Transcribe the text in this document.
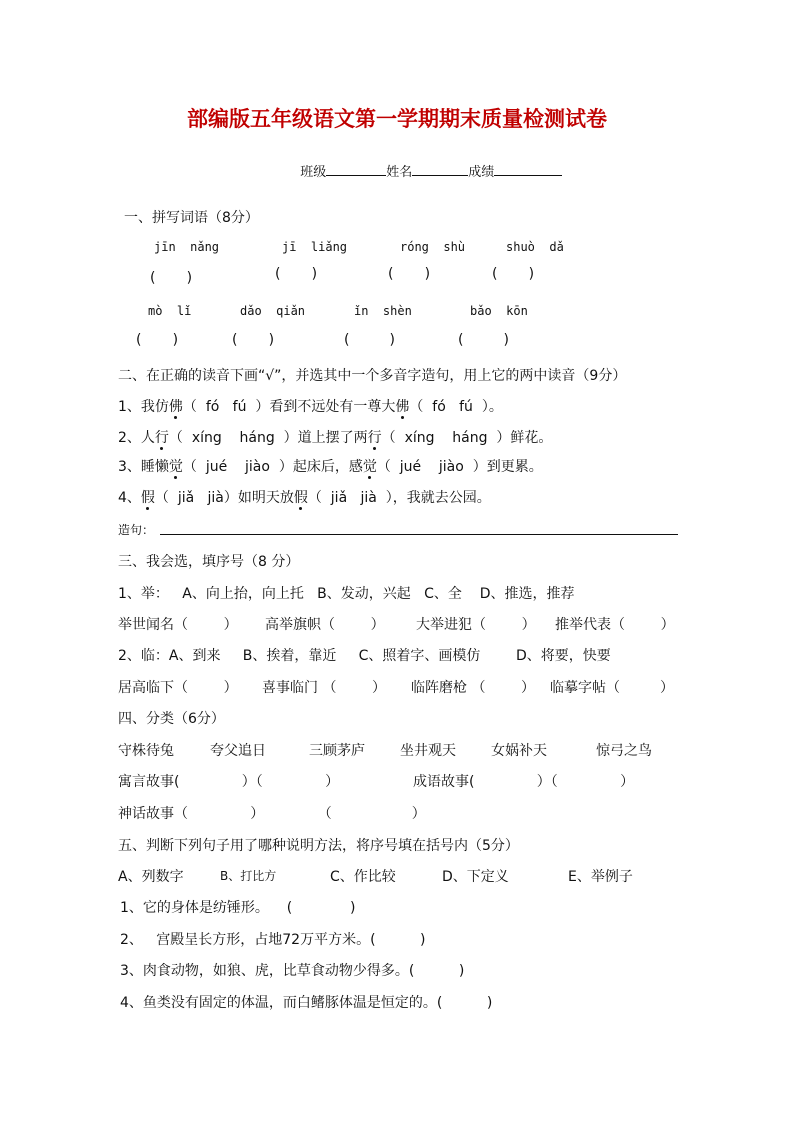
部编版五年级语文第一学期期末质量检测试卷

班级	姓名	成绩

一、拼写词语（8分）
jīn  nǎng	jī  liǎng	róng  shù	shuò  dǎ
(       )	(       )	(       )	(       )
mò  lǐ	dǎo  qiǎn	ǐn  shèn	bǎo  kōn
(       )	(       )	(         )	(         )
二、在正确的读音下画“√”，并选其中一个多音字造句，用上它的两中读音（9分）
1、我仿佛（  fó   fú  ）看到不远处有一尊大佛（  fó   fú  ）。
2、人行（  xíng    háng  ）道上摆了两行（  xíng    háng  ）鲜花。
3、睡懒觉（  jué    jiào  ）起床后，感觉（  jué    jiào  ）到更累。
4、假（  jiǎ   jià）如明天放假（  jiǎ   jià  ），我就去公园。
造句：
三、我会选，填序号（8 分）
1、举：   A、向上抬，向上托   B、发动，兴起   C、全    D、推选，推荐
举世闻名（        ） 高举旗帜（        ） 大举进犯（        ） 推举代表（        ）
2、临：A、到来     B、挨着，靠近     C、照着字、画模仿        D、将要，快要
居高临下（        ） 喜事临门 （        ） 临阵磨枪 （        ） 临摹字帖（         ）
四、分类（6分）
守株待兔	夸父追日	三顾茅庐	坐井观天	女娲补天	惊弓之鸟
寓言故事(              ）（              ）	成语故事(              ）（              ）
神话故事（              ）            （                  ）
五、判断下列句子用了哪种说明方法，将序号填在括号内（5分）
A、列数字	B、打比方	C、作比较	D、下定义	E、举例子
1、它的身体是纺锤形。    (             )
2、   宫殿呈长方形，占地72万平方米。(          )
3、肉食动物，如狼、虎，比草食动物少得多。(          )
4、鱼类没有固定的体温，而白鳍豚体温是恒定的。(          )
